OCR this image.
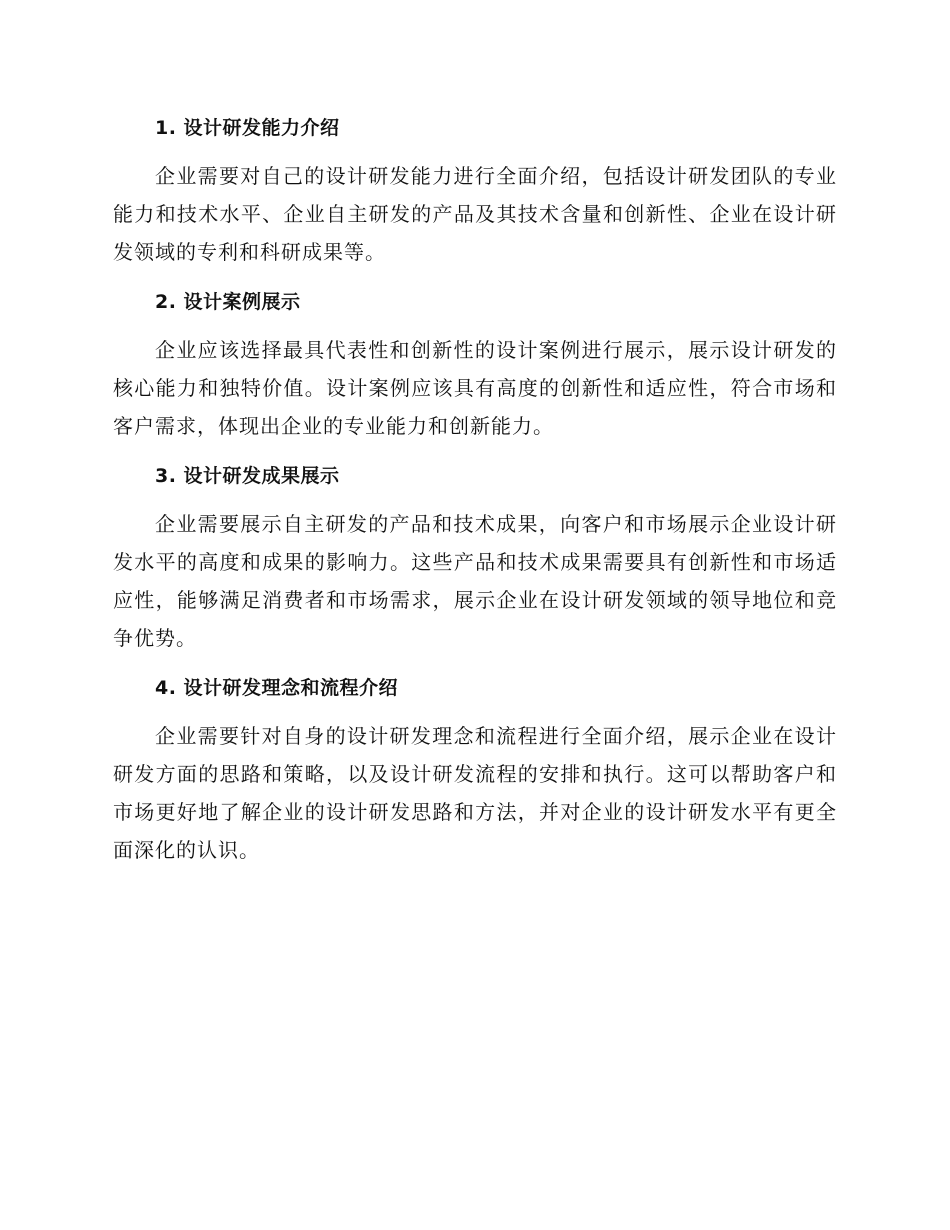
1. 设计研发能力介绍

企业需要对自己的设计研发能力进行全面介绍，包括设计研发团队的专业能力和技术水平、企业自主研发的产品及其技术含量和创新性、企业在设计研发领域的专利和科研成果等。

2. 设计案例展示

企业应该选择最具代表性和创新性的设计案例进行展示，展示设计研发的核心能力和独特价值。设计案例应该具有高度的创新性和适应性，符合市场和客户需求，体现出企业的专业能力和创新能力。

3. 设计研发成果展示

企业需要展示自主研发的产品和技术成果，向客户和市场展示企业设计研发水平的高度和成果的影响力。这些产品和技术成果需要具有创新性和市场适应性，能够满足消费者和市场需求，展示企业在设计研发领域的领导地位和竞争优势。

4. 设计研发理念和流程介绍

企业需要针对自身的设计研发理念和流程进行全面介绍，展示企业在设计研发方面的思路和策略，以及设计研发流程的安排和执行。这可以帮助客户和市场更好地了解企业的设计研发思路和方法，并对企业的设计研发水平有更全面深化的认识。
